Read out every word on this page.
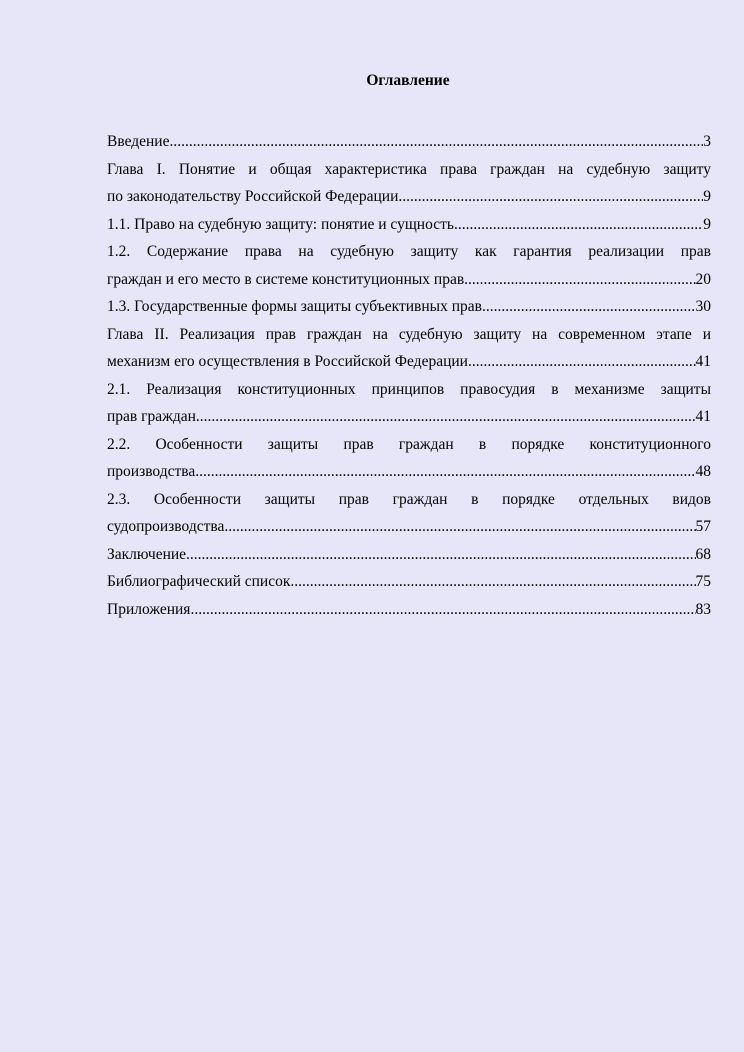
Оглавление
Введение .....	3
Глава I. Понятие и общая характеристика права граждан на судебную защиту
по законодательству Российской Федерации .....	9
1.1. Право на судебную защиту: понятие и сущность .....	9
1.2. Содержание права на судебную защиту как гарантия реализации прав
граждан и его место в системе конституционных прав .....	20
1.3. Государственные формы защиты субъективных прав .....	30
Глава II. Реализация прав граждан на судебную защиту на современном этапе и
механизм его осуществления в Российской Федерации .....	41
2.1. Реализация конституционных принципов правосудия в механизме защиты
прав граждан .....	41
2.2. Особенности защиты прав граждан в порядке конституционного
производства .....	48
2.3. Особенности защиты прав граждан в порядке отдельных видов
судопроизводства .....	57
Заключение .....	68
Библиографический список .....	75
Приложения .....	83
